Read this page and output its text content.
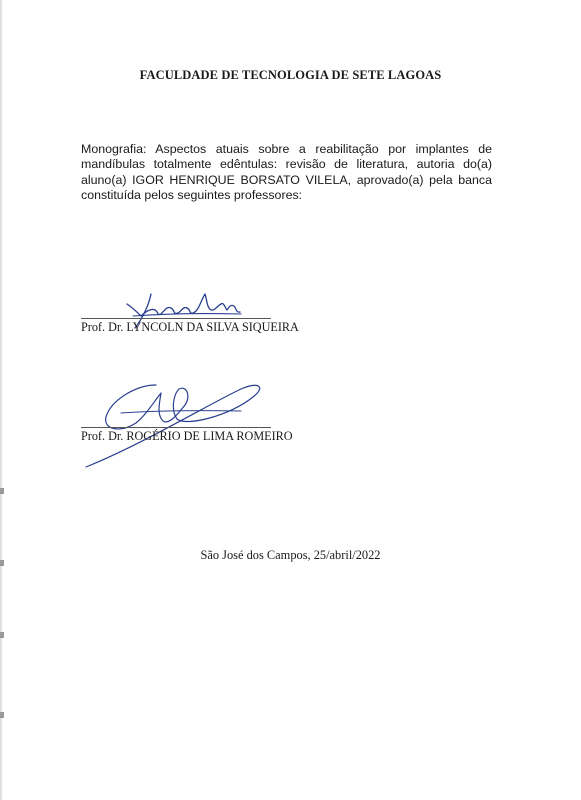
FACULDADE DE TECNOLOGIA DE SETE LAGOAS
Monografia: Aspectos atuais sobre a reabilitação por implantes de mandíbulas totalmente edêntulas: revisão de literatura, autoria do(a) aluno(a) IGOR HENRIQUE BORSATO VILELA, aprovado(a) pela banca constituída pelos seguintes professores:
Prof. Dr. LYNCOLN DA SILVA SIQUEIRA
Prof. Dr. ROGÉRIO DE LIMA ROMEIRO
São José dos Campos, 25/abril/2022
